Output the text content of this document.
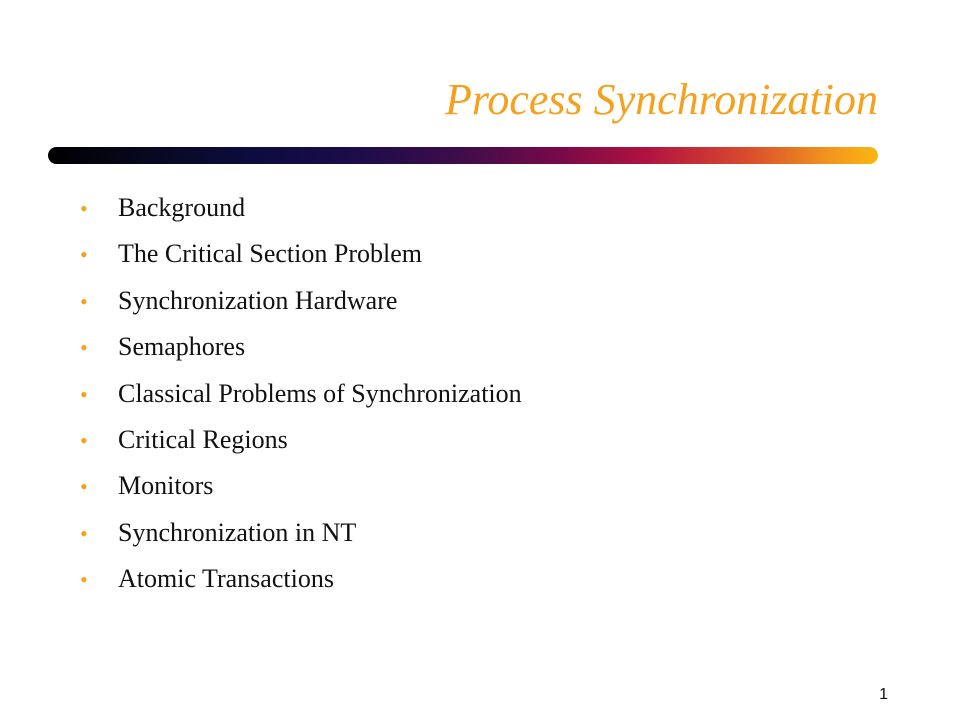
Process Synchronization
•	Background
•	The Critical Section Problem
•	Synchronization Hardware
•	Semaphores
•	Classical Problems of Synchronization
•	Critical Regions
•	Monitors
•	Synchronization in NT
•	Atomic Transactions
1
